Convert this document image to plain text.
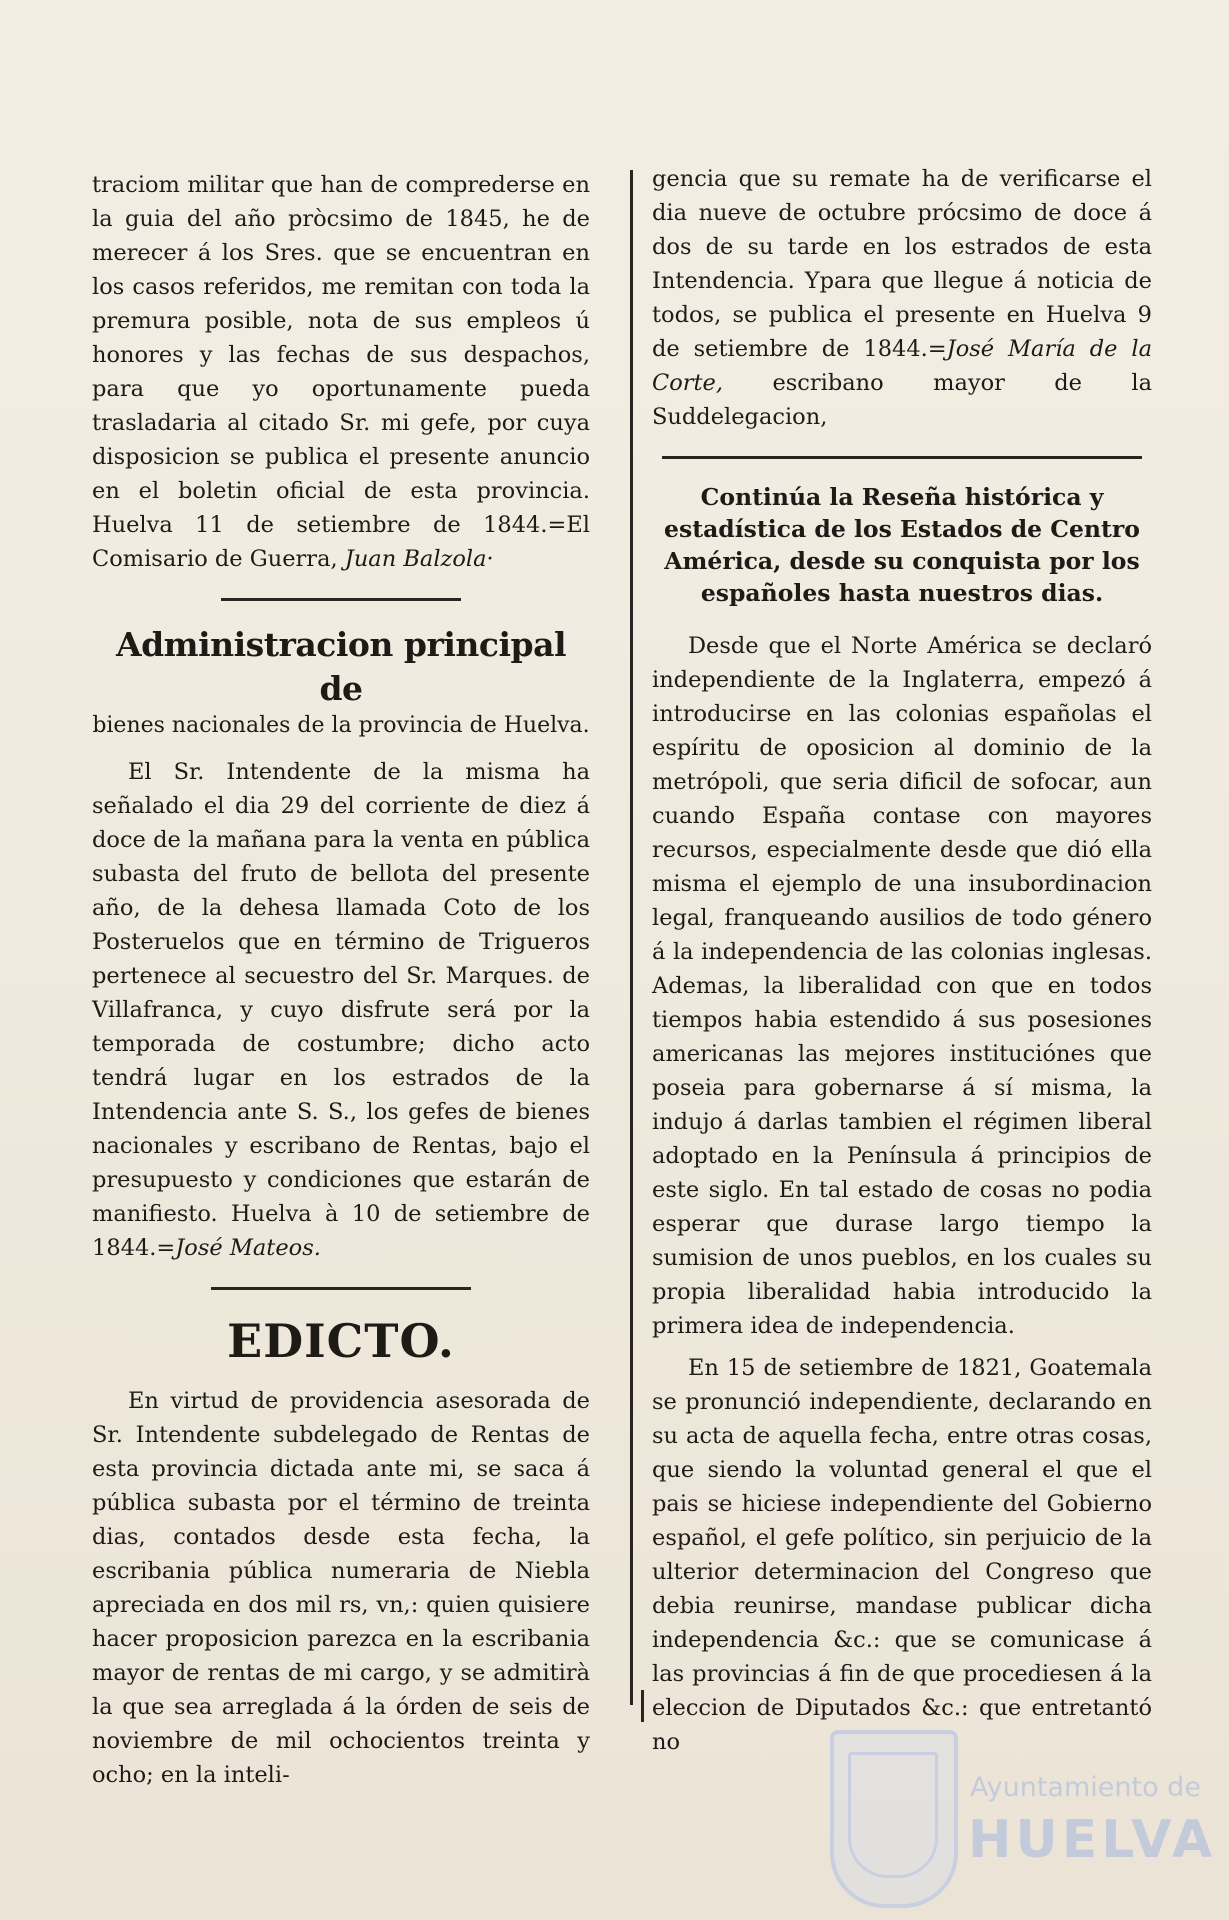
traciom militar que han de comprederse en la guia del año pròcsimo de 1845, he de merecer á los Sres. que se encuentran en los casos referidos, me remitan con toda la premura posible, nota de sus empleos ú honores y las fechas de sus despachos, para que yo oportunamente pueda trasladaria al citado Sr. mi gefe, por cuya disposicion se publica el presente anuncio en el boletin oficial de esta provincia. Huelva 11 de setiembre de 1844.=El Comisario de Guerra, Juan Balzola·

Administracion principal de
bienes nacionales de la provincia de Huelva.

El Sr. Intendente de la misma ha señalado el dia 29 del corriente de diez á doce de la mañana para la venta en pública subasta del fruto de bellota del presente año, de la dehesa llamada Coto de los Posteruelos que en término de Trigueros pertenece al secuestro del Sr. Marques. de Villafranca, y cuyo disfrute será por la temporada de costumbre; dicho acto tendrá lugar en los estrados de la Intendencia ante S. S., los gefes de bienes nacionales y escribano de Rentas, bajo el presupuesto y condiciones que estarán de manifiesto. Huelva à 10 de setiembre de 1844.=José Mateos.

EDICTO.

En virtud de providencia asesorada de Sr. Intendente subdelegado de Rentas de esta provincia dictada ante mi, se saca á pública subasta por el término de treinta dias, contados desde esta fecha, la escribania pública numeraria de Niebla apreciada en dos mil rs, vn,: quien quisiere hacer proposicion parezca en la escribania mayor de rentas de mi cargo, y se admitirà la que sea arreglada á la órden de seis de noviembre de mil ochocientos treinta y ocho; en la inteli-

gencia que su remate ha de verificarse el dia nueve de octubre prócsimo de doce á dos de su tarde en los estrados de esta Intendencia. Ypara que llegue á noticia de todos, se publica el presente en Huelva 9 de setiembre de 1844.=José María de la Corte, escribano mayor de la Suddelegacion,

Continúa la Reseña histórica y estadística de los Estados de Centro América, desde su conquista por los españoles hasta nuestros dias.

Desde que el Norte América se declaró independiente de la Inglaterra, empezó á introducirse en las colonias españolas el espíritu de oposicion al dominio de la metrópoli, que seria dificil de sofocar, aun cuando España contase con mayores recursos, especialmente desde que dió ella misma el ejemplo de una insubordinacion legal, franqueando ausilios de todo género á la independencia de las colonias inglesas. Ademas, la liberalidad con que en todos tiempos habia estendido á sus posesiones americanas las mejores instituciónes que poseia para gobernarse á sí misma, la indujo á darlas tambien el régimen liberal adoptado en la Península á principios de este siglo. En tal estado de cosas no podia esperar que durase largo tiempo la sumision de unos pueblos, en los cuales su propia liberalidad habia introducido la primera idea de independencia.

En 15 de setiembre de 1821, Goatemala se pronunció independiente, declarando en su acta de aquella fecha, entre otras cosas, que siendo la voluntad general el que el pais se hiciese independiente del Gobierno español, el gefe político, sin perjuicio de la ulterior determinacion del Congreso que debia reunirse, mandase publicar dicha independencia &c.: que se comunicase á las provincias á fin de que procediesen á la eleccion de Diputados &c.: que entretantó no

Ayuntamiento de
HUELVA
